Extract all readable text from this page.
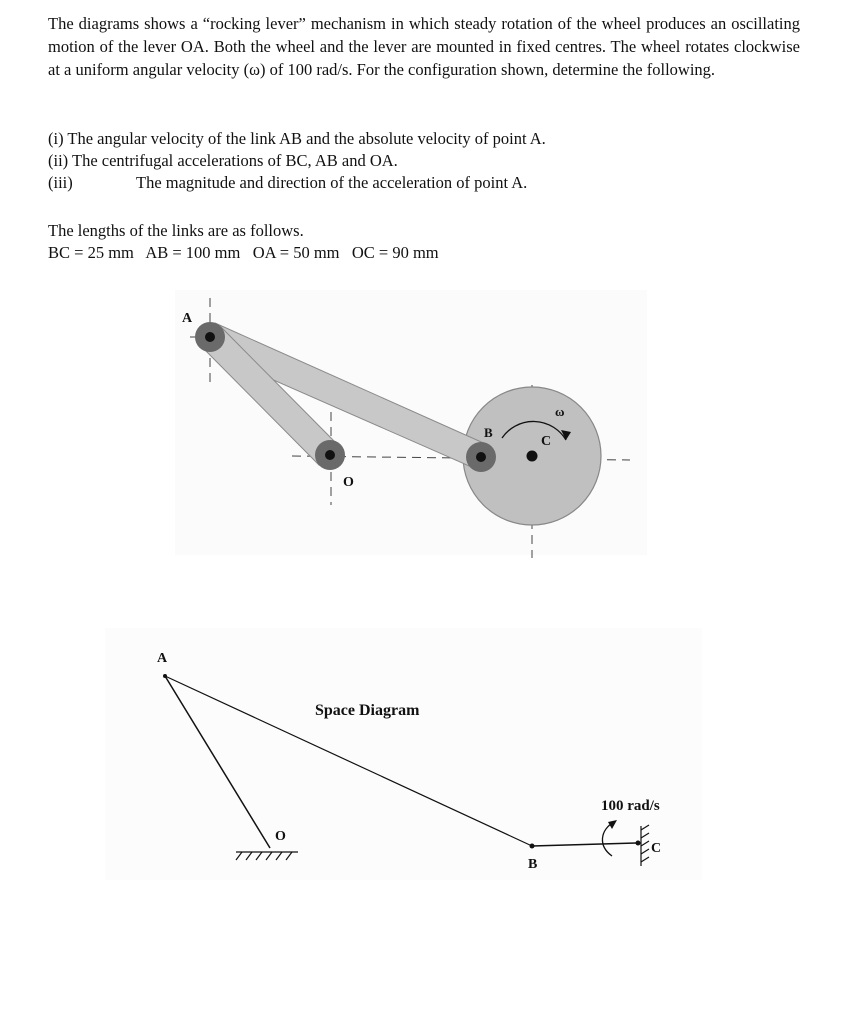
The diagrams shows a “rocking lever” mechanism in which steady rotation of the wheel produces an oscillating motion of the lever OA. Both the wheel and the lever are mounted in fixed centres. The wheel rotates clockwise at a uniform angular velocity (ω) of 100 rad/s. For the configuration shown, determine the following.

(i) The angular velocity of the link AB and the absolute velocity of point A.
(ii) The centrifugal accelerations of BC, AB and OA.
(iii)	The magnitude and direction of the acceleration of point A.
The lengths of the links are as follows.
BC = 25 mm   AB = 100 mm   OA = 50 mm   OC = 90 mm
A
O
B
C
ω
A
O
B
C
Space Diagram
100 rad/s
